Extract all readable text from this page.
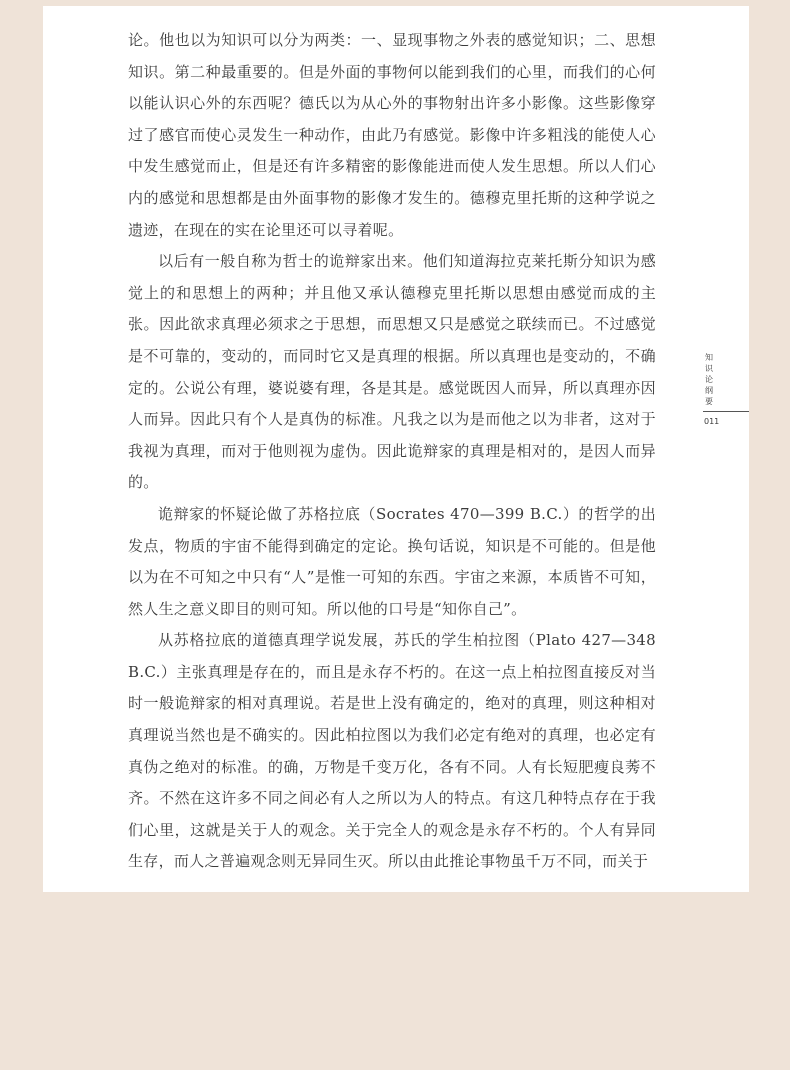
论。他也以为知识可以分为两类：一、显现事物之外表的感觉知识；二、思想知识。第二种最重要的。但是外面的事物何以能到我们的心里，而我们的心何以能认识心外的东西呢？德氏以为从心外的事物射出许多小影像。这些影像穿过了感官而使心灵发生一种动作，由此乃有感觉。影像中许多粗浅的能使人心中发生感觉而止，但是还有许多精密的影像能进而使人发生思想。所以人们心内的感觉和思想都是由外面事物的影像才发生的。德穆克里托斯的这种学说之遗迹，在现在的实在论里还可以寻着呢。

以后有一般自称为哲士的诡辩家出来。他们知道海拉克莱托斯分知识为感觉上的和思想上的两种；并且他又承认德穆克里托斯以思想由感觉而成的主张。因此欲求真理必须求之于思想，而思想又只是感觉之联续而已。不过感觉是不可靠的，变动的，而同时它又是真理的根据。所以真理也是变动的，不确定的。公说公有理，婆说婆有理，各是其是。感觉既因人而异，所以真理亦因人而异。因此只有个人是真伪的标准。凡我之以为是而他之以为非者，这对于我视为真理，而对于他则视为虚伪。因此诡辩家的真理是相对的，是因人而异的。

诡辩家的怀疑论做了苏格拉底（Socrates 470—399 B.C.）的哲学的出发点，物质的宇宙不能得到确定的定论。换句话说，知识是不可能的。但是他以为在不可知之中只有“人”是惟一可知的东西。宇宙之来源，本质皆不可知，然人生之意义即目的则可知。所以他的口号是“知你自己”。

从苏格拉底的道德真理学说发展，苏氏的学生柏拉图（Plato 427—348 B.C.）主张真理是存在的，而且是永存不朽的。在这一点上柏拉图直接反对当时一般诡辩家的相对真理说。若是世上没有确定的，绝对的真理，则这种相对真理说当然也是不确实的。因此柏拉图以为我们必定有绝对的真理，也必定有真伪之绝对的标准。的确，万物是千变万化，各有不同。人有长短肥瘦良莠不齐。不然在这许多不同之间必有人之所以为人的特点。有这几种特点存在于我们心里，这就是关于人的观念。关于完全人的观念是永存不朽的。个人有异同生存，而人之普遍观念则无异同生灭。所以由此推论事物虽千万不同，而关于

知识论纲要
011
